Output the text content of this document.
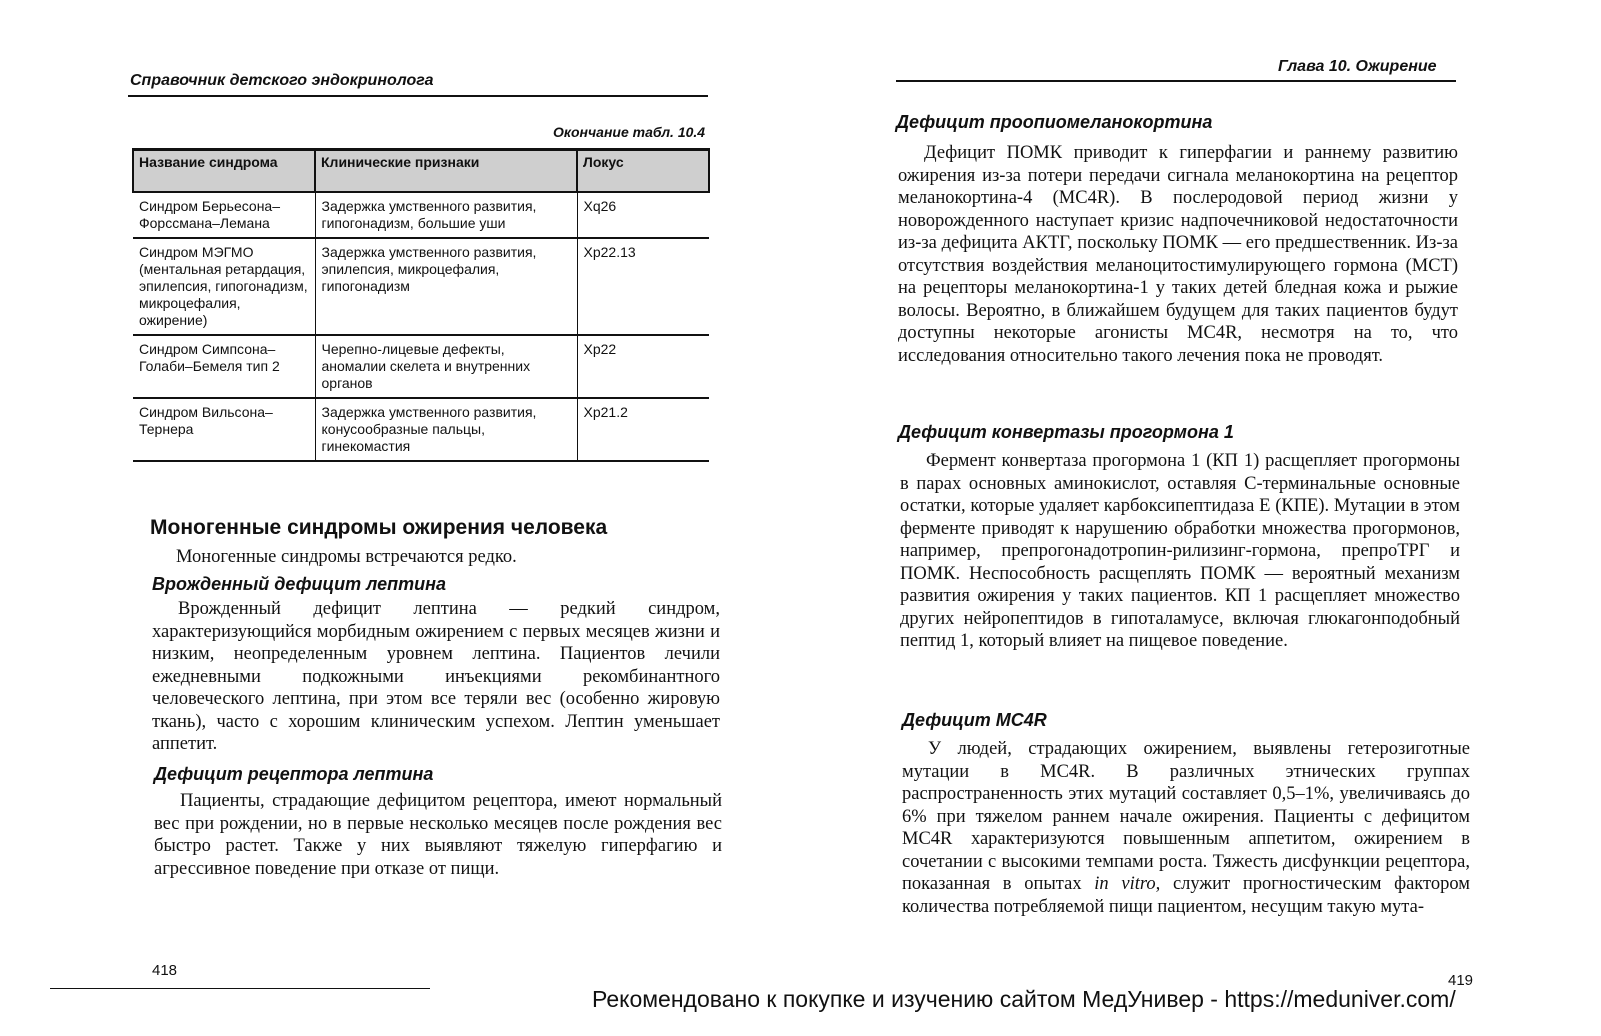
Справочник детского эндокринолога
Окончание табл. 10.4
Название синдрома	Клинические признаки	Локус
Синдром Берьесона–Форссмана–Лемана	Задержка умственного развития, гипогонадизм, большие уши	Xq26
Синдром МЭГМО (ментальная ретардация, эпилепсия, гипогонадизм, микроцефалия, ожирение)	Задержка умственного развития, эпилепсия, микроцефалия, гипогонадизм	Xp22.13
Синдром Симпсона–Голаби–Бемеля тип 2	Черепно-лицевые дефекты, аномалии скелета и внутренних органов	Xp22
Синдром Вильсона–Тернера	Задержка умственного развития, конусообразные пальцы, гинекомастия	Xp21.2
Моногенные синдромы ожирения человека

Моногенные синдромы встречаются редко.

Врожденный дефицит лептина

Врожденный дефицит лептина — редкий синдром, характеризующийся морбидным ожирением с первых месяцев жизни и низким, неопределенным уровнем лептина. Пациентов лечили ежедневными подкожными инъекциями рекомбинантного человеческого лептина, при этом все теряли вес (особенно жировую ткань), часто с хорошим клиническим успехом. Лептин уменьшает аппетит.

Дефицит рецептора лептина

Пациенты, страдающие дефицитом рецептора, имеют нормальный вес при рождении, но в первые несколько месяцев после рождения вес быстро растет. Также у них выявляют тяжелую гиперфагию и агрессивное поведение при отказе от пищи.

418
Глава 10. Ожирение
Дефицит проопиомеланокортина

Дефицит ПОМК приводит к гиперфагии и раннему развитию ожирения из-за потери передачи сигнала меланокортина на рецептор меланокортина-4 (MC4R). В послеродовой период жизни у новорожденного наступает кризис надпочечниковой недостаточности из-за дефицита АКТГ, поскольку ПОМК — его предшественник. Из-за отсутствия воздействия меланоцитостимулирующего гормона (МСТ) на рецепторы меланокортина-1 у таких детей бледная кожа и рыжие волосы. Вероятно, в ближайшем будущем для таких пациентов будут доступны некоторые агонисты MC4R, несмотря на то, что исследования относительно такого лечения пока не проводят.

Дефицит конвертазы прогормона 1

Фермент конвертаза прогормона 1 (КП 1) расщепляет прогормоны в парах основных аминокислот, оставляя С-терминальные основные остатки, которые удаляет карбоксипептидаза Е (КПЕ). Мутации в этом ферменте приводят к нарушению обработки множества прогормонов, например, препрогонадотропин-рилизинг-гормона, препроТРГ и ПОМК. Неспособность расщеплять ПОМК — вероятный механизм развития ожирения у таких пациентов. КП 1 расщепляет множество других нейропептидов в гипоталамусе, включая глюкагонподобный пептид 1, который влияет на пищевое поведение.

Дефицит MC4R

У людей, страдающих ожирением, выявлены гетерозиготные мутации в MC4R. В различных этнических группах распространенность этих мутаций составляет 0,5–1%, увеличиваясь до 6% при тяжелом раннем начале ожирения. Пациенты с дефицитом MC4R характеризуются повышенным аппетитом, ожирением в сочетании с высокими темпами роста. Тяжесть дисфункции рецептора, показанная в опытах in vitro, служит прогностическим фактором количества потребляемой пищи пациентом, несущим такую мута-

419
Рекомендовано к покупке и изучению сайтом МедУнивер - https://meduniver.com/
